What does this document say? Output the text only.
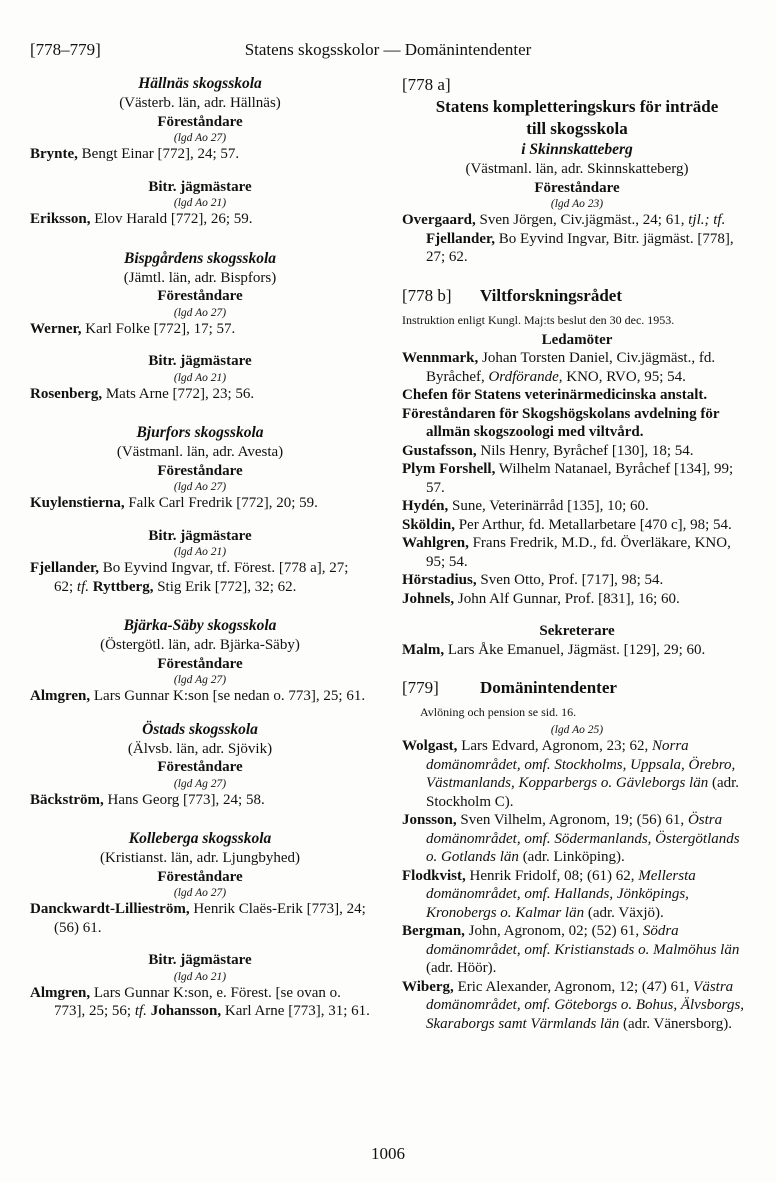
[778–779]	Statens skogsskolor — Domänintendenter
Hällnäs skogsskola
(Västerb. län, adr. Hällnäs)
Föreståndare
(lgd Ao 27)
Brynte, Bengt Einar [772], 24; 57.
Bitr. jägmästare
(lgd Ao 21)
Eriksson, Elov Harald [772], 26; 59.
Bispgårdens skogsskola
(Jämtl. län, adr. Bispfors)
Föreståndare
(lgd Ao 27)
Werner, Karl Folke [772], 17; 57.
Bitr. jägmästare
(lgd Ao 21)
Rosenberg, Mats Arne [772], 23; 56.
Bjurfors skogsskola
(Västmanl. län, adr. Avesta)
Föreståndare
(lgd Ao 27)
Kuylenstierna, Falk Carl Fredrik [772], 20; 59.
Bitr. jägmästare
(lgd Ao 21)
Fjellander, Bo Eyvind Ingvar, tf. Förest. [778 a], 27; 62; tf. Ryttberg, Stig Erik [772], 32; 62.
Bjärka-Säby skogsskola
(Östergötl. län, adr. Bjärka-Säby)
Föreståndare
(lgd Ag 27)
Almgren, Lars Gunnar K:son [se nedan o. 773], 25; 61.
Östads skogsskola
(Älvsb. län, adr. Sjövik)
Föreståndare
(lgd Ag 27)
Bäckström, Hans Georg [773], 24; 58.
Kolleberga skogsskola
(Kristianst. län, adr. Ljungbyhed)
Föreståndare
(lgd Ao 27)
Danckwardt-Lillieström, Henrik Claës-Erik [773], 24; (56) 61.
Bitr. jägmästare
(lgd Ao 21)
Almgren, Lars Gunnar K:son, e. Förest. [se ovan o. 773], 25; 56; tf. Johansson, Karl Arne [773], 31; 61.
[778 a]
Statens kompletteringskurs för inträde
till skogsskola
i Skinnskatteberg
(Västmanl. län, adr. Skinnskatteberg)
Föreståndare
(lgd Ao 23)
Overgaard, Sven Jörgen, Civ.jägmäst., 24; 61, tjl.; tf. Fjellander, Bo Eyvind Ingvar, Bitr. jägmäst. [778], 27; 62.
[778 b] Viltforskningsrådet
Instruktion enligt Kungl. Maj:ts beslut den 30 dec. 1953.
Ledamöter
Wennmark, Johan Torsten Daniel, Civ.jägmäst., fd. Byråchef, Ordförande, KNO, RVO, 95; 54.
Chefen för Statens veterinärmedicinska anstalt.
Föreståndaren för Skogshögskolans avdelning för allmän skogszoologi med viltvård.
Gustafsson, Nils Henry, Byråchef [130], 18; 54.
Plym Forshell, Wilhelm Natanael, Byråchef [134], 99; 57.
Hydén, Sune, Veterinärråd [135], 10; 60.
Sköldin, Per Arthur, fd. Metallarbetare [470 c], 98; 54.
Wahlgren, Frans Fredrik, M.D., fd. Överläkare, KNO, 95; 54.
Hörstadius, Sven Otto, Prof. [717], 98; 54.
Johnels, John Alf Gunnar, Prof. [831], 16; 60.
Sekreterare
Malm, Lars Åke Emanuel, Jägmäst. [129], 29; 60.
[779] Domänintendenter
Avlöning och pension se sid. 16.
(lgd Ao 25)
Wolgast, Lars Edvard, Agronom, 23; 62, Norra domänområdet, omf. Stockholms, Uppsala, Örebro, Västmanlands, Kopparbergs o. Gävleborgs län (adr. Stockholm C).
Jonsson, Sven Vilhelm, Agronom, 19; (56) 61, Östra domänområdet, omf. Södermanlands, Östergötlands o. Gotlands län (adr. Linköping).
Flodkvist, Henrik Fridolf, 08; (61) 62, Mellersta domänområdet, omf. Hallands, Jönköpings, Kronobergs o. Kalmar län (adr. Växjö).
Bergman, John, Agronom, 02; (52) 61, Södra domänområdet, omf. Kristianstads o. Malmöhus län (adr. Höör).
Wiberg, Eric Alexander, Agronom, 12; (47) 61, Västra domänområdet, omf. Göteborgs o. Bohus, Älvsborgs, Skaraborgs samt Värmlands län (adr. Vänersborg).
1006
